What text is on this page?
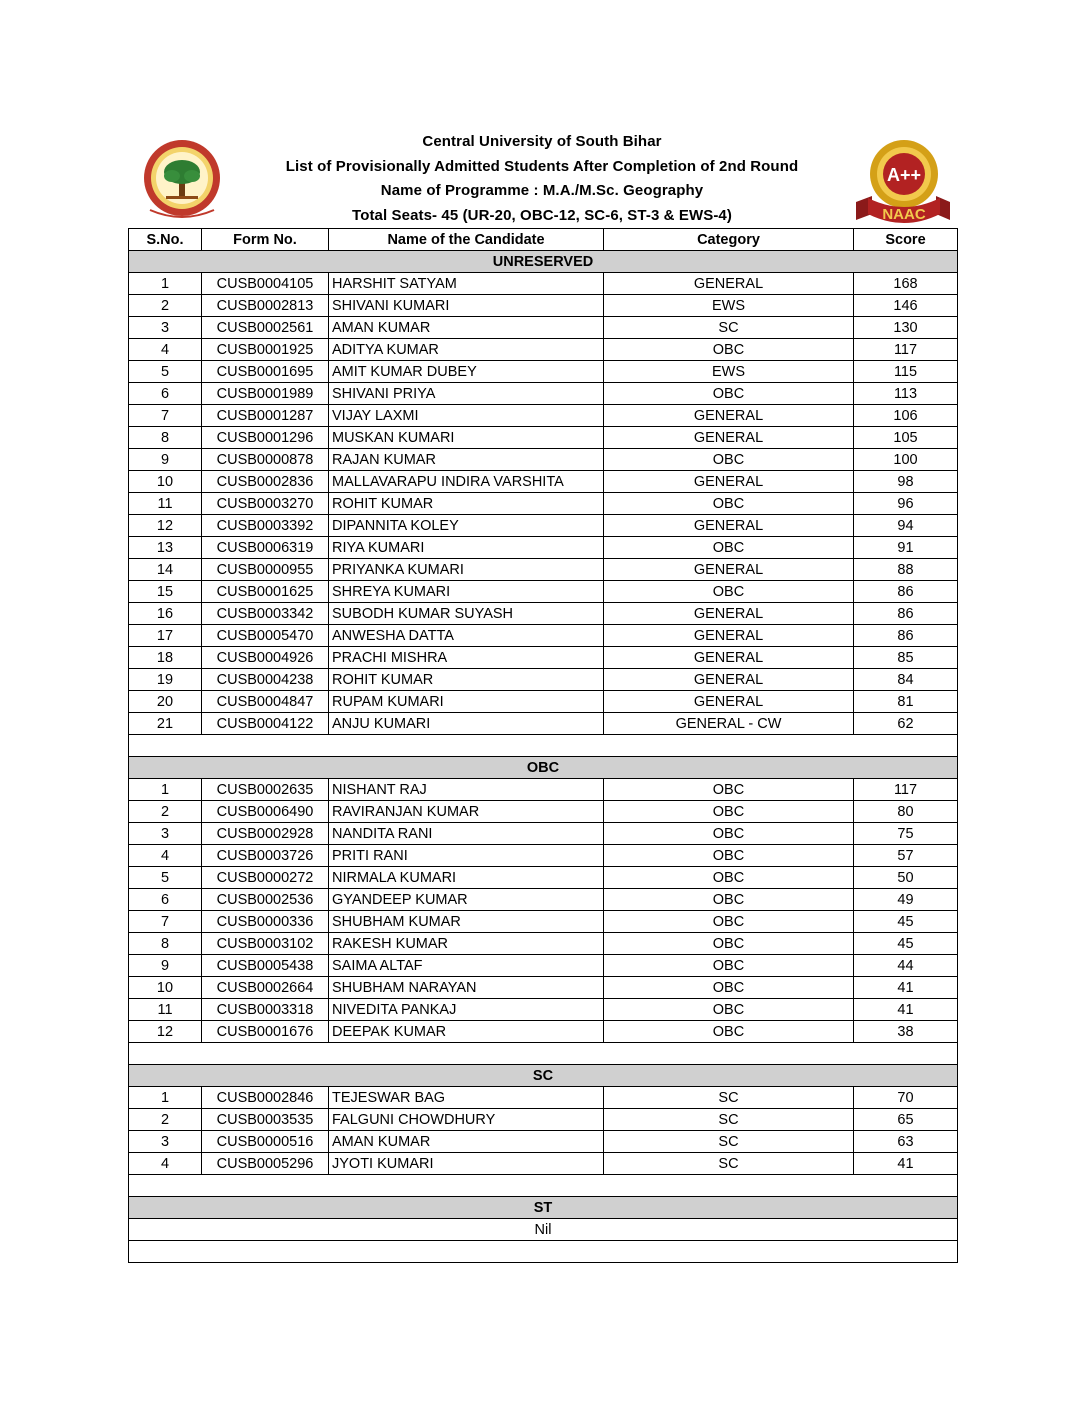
Central University of South Bihar
List of Provisionally Admitted Students After Completion of 2nd Round
Name of Programme : M.A./M.Sc. Geography
Total Seats- 45 (UR-20, OBC-12, SC-6, ST-3 & EWS-4)
A++
NAAC
S.No.	Form No.	Name of the Candidate	Category	Score
UNRESERVED				
1	CUSB0004105	HARSHIT SATYAM	GENERAL	168
2	CUSB0002813	SHIVANI KUMARI	EWS	146
3	CUSB0002561	AMAN KUMAR	SC	130
4	CUSB0001925	ADITYA KUMAR	OBC	117
5	CUSB0001695	AMIT KUMAR DUBEY	EWS	115
6	CUSB0001989	SHIVANI PRIYA	OBC	113
7	CUSB0001287	VIJAY LAXMI	GENERAL	106
8	CUSB0001296	MUSKAN KUMARI	GENERAL	105
9	CUSB0000878	RAJAN KUMAR	OBC	100
10	CUSB0002836	MALLAVARAPU INDIRA VARSHITA	GENERAL	98
11	CUSB0003270	ROHIT KUMAR	OBC	96
12	CUSB0003392	DIPANNITA KOLEY	GENERAL	94
13	CUSB0006319	RIYA KUMARI	OBC	91
14	CUSB0000955	PRIYANKA KUMARI	GENERAL	88
15	CUSB0001625	SHREYA KUMARI	OBC	86
16	CUSB0003342	SUBODH KUMAR SUYASH	GENERAL	86
17	CUSB0005470	ANWESHA DATTA	GENERAL	86
18	CUSB0004926	PRACHI MISHRA	GENERAL	85
19	CUSB0004238	ROHIT KUMAR	GENERAL	84
20	CUSB0004847	RUPAM KUMARI	GENERAL	81
21	CUSB0004122	ANJU KUMARI	GENERAL - CW	62

OBC				
1	CUSB0002635	NISHANT RAJ	OBC	117
2	CUSB0006490	RAVIRANJAN KUMAR	OBC	80
3	CUSB0002928	NANDITA RANI	OBC	75
4	CUSB0003726	PRITI RANI	OBC	57
5	CUSB0000272	NIRMALA KUMARI	OBC	50
6	CUSB0002536	GYANDEEP KUMAR	OBC	49
7	CUSB0000336	SHUBHAM KUMAR	OBC	45
8	CUSB0003102	RAKESH KUMAR	OBC	45
9	CUSB0005438	SAIMA ALTAF	OBC	44
10	CUSB0002664	SHUBHAM NARAYAN	OBC	41
11	CUSB0003318	NIVEDITA PANKAJ	OBC	41
12	CUSB0001676	DEEPAK KUMAR	OBC	38

SC				
1	CUSB0002846	TEJESWAR BAG	SC	70
2	CUSB0003535	FALGUNI CHOWDHURY	SC	65
3	CUSB0000516	AMAN KUMAR	SC	63
4	CUSB0005296	JYOTI KUMARI	SC	41

ST				
Nil				
